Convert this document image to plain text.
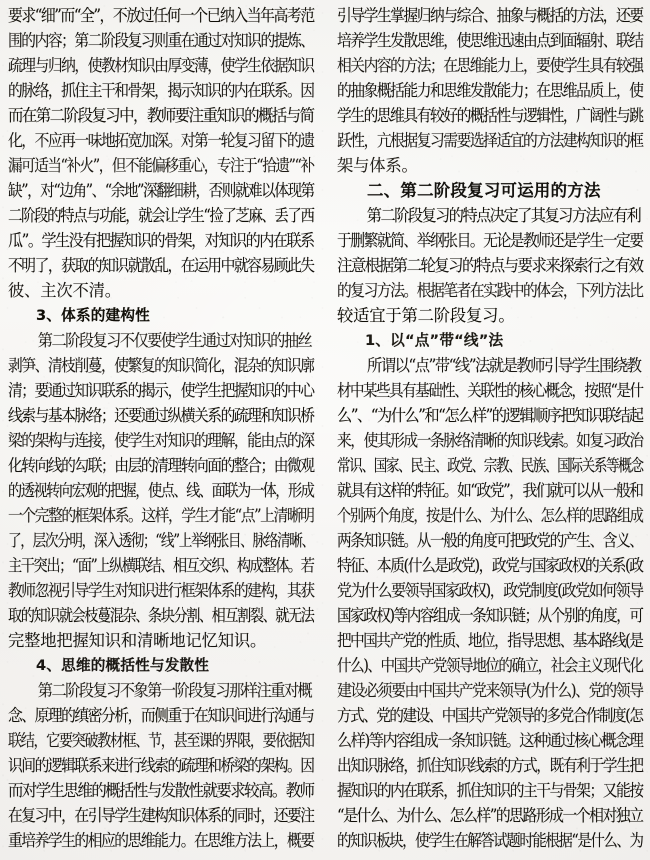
要求“细”而“全”，不放过任何一个已纳入当年高考范
围的内容；第二阶段复习则重在通过对知识的提炼、
疏理与归纳，使教材知识由厚变薄，使学生依据知识
的脉络，抓住主干和骨架，揭示知识的内在联系。因
而在第二阶段复习中，教师要注重知识的概括与简
化，不应再一味地拓宽加深。对第一轮复习留下的遗
漏可适当“补火”，但不能偏移重心，专注于“拾遗”“补
缺”，对“边角”、“余地”深翻细耕，否则就难以体现第
二阶段的特点与功能，就会让学生“捡了芝麻、丢了西
瓜”。学生没有把握知识的骨架，对知识的内在联系
不明了，获取的知识就散乱，在运用中就容易顾此失
彼、主次不清。
3、体系的建构性
第二阶段复习不仅要使学生通过对知识的抽丝
剥笋、清枝削蔓，使繁复的知识简化，混杂的知识廓
清；要通过知识联系的揭示，使学生把握知识的中心
线索与基本脉络；还要通过纵横关系的疏理和知识桥
梁的架构与连接，使学生对知识的理解，能由点的深
化转向线的勾联；由层的清理转向面的整合；由微观
的透视转向宏观的把握，使点、线、面联为一体，形成
一个完整的框架体系。这样，学生才能“点”上清晰明
了，层次分明，深入透彻；“线”上举纲张目、脉络清晰、
主干突出；“面”上纵横联结、相互交织、构成整体。若
教师忽视引导学生对知识进行框架体系的建构，其获
取的知识就会枝蔓混杂、条块分割、相互割裂、就无法
完整地把握知识和清晰地记忆知识。
4、思维的概括性与发散性
第二阶段复习不象第一阶段复习那样注重对概
念、原理的缜密分析，而侧重于在知识间进行沟通与
联结，它要突破教材框、节，甚至课的界限，要依据知
识间的逻辑联系来进行线索的疏理和桥梁的架构。因
而对学生思维的概括性与发散性就要求较高。教师
在复习中，在引导学生建构知识体系的同时，还要注
重培养学生的相应的思维能力。在思维方法上，概要
引导学生掌握归纳与综合、抽象与概括的方法，还要
培养学生发散思维，使思维迅速由点到面辐射、联结
相关内容的方法；在思维能力上，要使学生具有较强
的抽象概括能力和思维发散能力；在思维品质上，使
学生的思维具有较好的概括性与逻辑性，广阔性与跳
跃性，亢根据复习需要选择适宜的方法建构知识的框
架与体系。
二、第二阶段复习可运用的方法
第二阶段复习的特点决定了其复习方法应有利
于删繁就简、举纲张目。无论是教师还是学生一定要
注意根据第二轮复习的特点与要求来探索行之有效
的复习方法。根据笔者在实践中的体会，下列方法比
较适宜于第二阶段复习。
1、以“点”带“线”法
所谓以“点”带“线”法就是教师引导学生围绕教
材中某些具有基础性、关联性的核心概念，按照“是什
么”、“为什么”和“怎么样”的逻辑顺序把知识联结起
来，使其形成一条脉络清晰的知识线索。如复习政治
常识、国家、民主、政党、宗教、民族、国际关系等概念
就具有这样的特征。如“政党”，我们就可以从一般和
个别两个角度，按是什么、为什么、怎么样的思路组成
两条知识链。从一般的角度可把政党的产生、含义、
特征、本质(什么是政党)，政党与国家政权的关系(政
党为什么要领导国家政权)，政党制度(政党如何领导
国家政权)等内容组成一条知识链；从个别的角度，可
把中国共产党的性质、地位，指导思想、基本路线(是
什么)、中国共产党领导地位的确立，社会主义现代化
建设必须要由中国共产党来领导(为什么)、党的领导
方式、党的建设、中国共产党领导的多党合作制度(怎
么样)等内容组成一条知识链。这种通过核心概念理
出知识脉络，抓住知识线索的方式，既有利于学生把
握知识的内在联系，抓住知识的主干与骨架；又能按
“是什么、为什么、怎么样”的思路形成一个相对独立
的知识板块，使学生在解答试题时能根据“是什么、为
